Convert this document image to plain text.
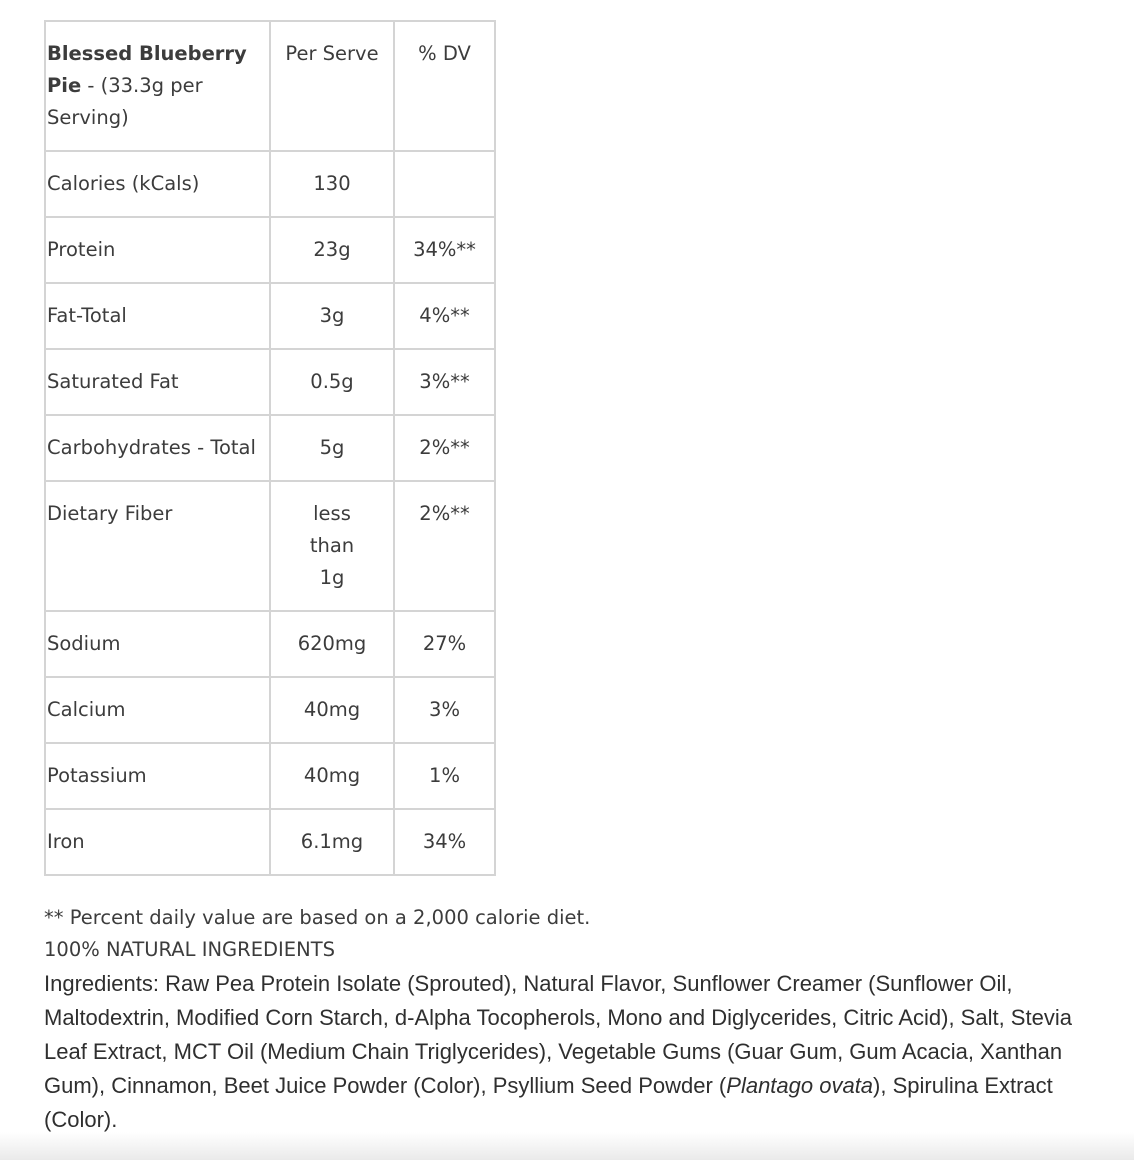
Blessed Blueberry Pie - (33.3g per Serving)	Per Serve	% DV
Calories (kCals)	130	
Protein	23g	34%**
Fat-Total	3g	4%**
Saturated Fat	0.5g	3%**
Carbohydrates - Total	5g	2%**
Dietary Fiber	less than 1g	2%**
Sodium	620mg	27%
Calcium	40mg	3%
Potassium	40mg	1%
Iron	6.1mg	34%
** Percent daily value are based on a 2,000 calorie diet.
100% NATURAL INGREDIENTS
Ingredients: Raw Pea Protein Isolate (Sprouted), Natural Flavor, Sunflower Creamer (Sunflower Oil, Maltodextrin, Modified Corn Starch, d-Alpha Tocopherols, Mono and Diglycerides, Citric Acid), Salt, Stevia Leaf Extract, MCT Oil (Medium Chain Triglycerides), Vegetable Gums (Guar Gum, Gum Acacia, Xanthan Gum), Cinnamon, Beet Juice Powder (Color), Psyllium Seed Powder (Plantago ovata), Spirulina Extract (Color).
